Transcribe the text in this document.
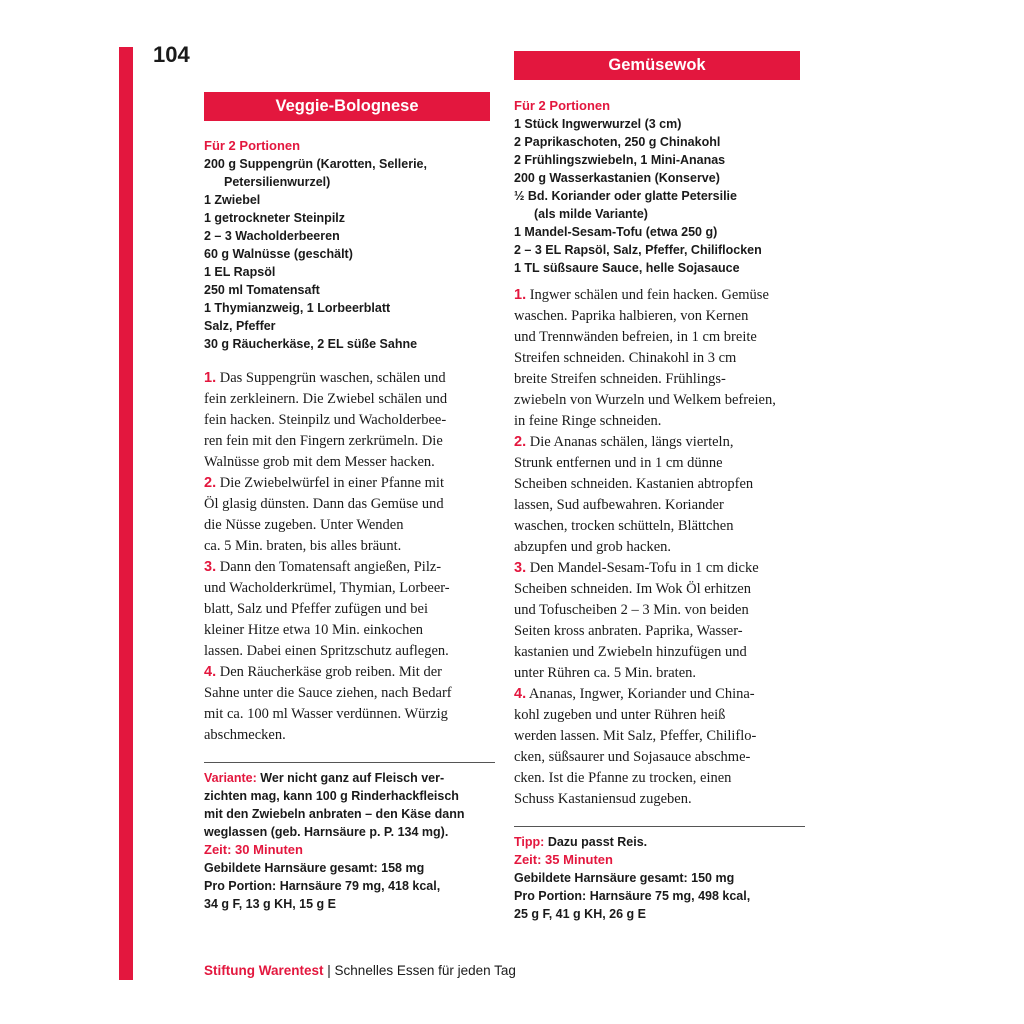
104
Veggie-Bolognese
Für 2 Portionen
200 g Suppengrün (Karotten, Sellerie,
Petersilienwurzel)
1 Zwiebel
1 getrockneter Steinpilz
2 – 3 Wacholderbeeren
60 g Walnüsse (geschält)
1 EL Rapsöl
250 ml Tomatensaft
1 Thymianzweig, 1 Lorbeerblatt
Salz, Pfeffer
30 g Räucherkäse, 2 EL süße Sahne

1. Das Suppengrün waschen, schälen und

fein zerkleinern. Die Zwiebel schälen und

fein hacken. Steinpilz und Wacholderbee-

ren fein mit den Fingern zerkrümeln. Die

Walnüsse grob mit dem Messer hacken.

2. Die Zwiebelwürfel in einer Pfanne mit

Öl glasig dünsten. Dann das Gemüse und

die Nüsse zugeben. Unter Wenden

ca. 5 Min. braten, bis alles bräunt.

3. Dann den Tomatensaft angießen, Pilz-

und Wacholderkrümel, Thymian, Lorbeer-

blatt, Salz und Pfeffer zufügen und bei

kleiner Hitze etwa 10 Min. einkochen

lassen. Dabei einen Spritzschutz auflegen.

4. Den Räucherkäse grob reiben. Mit der

Sahne unter die Sauce ziehen, nach Bedarf

mit ca. 100 ml Wasser verdünnen. Würzig

abschmecken.

Variante: Wer nicht ganz auf Fleisch ver-

zichten mag, kann 100 g Rinderhackfleisch

mit den Zwiebeln anbraten – den Käse dann

weglassen (geb. Harnsäure p. P. 134 mg).

Zeit: 30 Minuten

Gebildete Harnsäure gesamt: 158 mg

Pro Portion: Harnsäure 79 mg, 418 kcal,

34 g F, 13 g KH, 15 g E

Gemüsewok
Für 2 Portionen
1 Stück Ingwerwurzel (3 cm)
2 Paprikaschoten, 250 g Chinakohl
2 Frühlingszwiebeln, 1 Mini-Ananas
200 g Wasserkastanien (Konserve)
½ Bd. Koriander oder glatte Petersilie
(als milde Variante)
1 Mandel-Sesam-Tofu (etwa 250 g)
2 – 3 EL Rapsöl, Salz, Pfeffer, Chiliflocken
1 TL süßsaure Sauce, helle Sojasauce

1. Ingwer schälen und fein hacken. Gemüse

waschen. Paprika halbieren, von Kernen

und Trennwänden befreien, in 1 cm breite

Streifen schneiden. Chinakohl in 3 cm

breite Streifen schneiden. Frühlings-

zwiebeln von Wurzeln und Welkem befreien,

in feine Ringe schneiden.

2. Die Ananas schälen, längs vierteln,

Strunk entfernen und in 1 cm dünne

Scheiben schneiden. Kastanien abtropfen

lassen, Sud aufbewahren. Koriander

waschen, trocken schütteln, Blättchen

abzupfen und grob hacken.

3. Den Mandel-Sesam-Tofu in 1 cm dicke

Scheiben schneiden. Im Wok Öl erhitzen

und Tofuscheiben 2 – 3 Min. von beiden

Seiten kross anbraten. Paprika, Wasser-

kastanien und Zwiebeln hinzufügen und

unter Rühren ca. 5 Min. braten.

4. Ananas, Ingwer, Koriander und China-

kohl zugeben und unter Rühren heiß

werden lassen. Mit Salz, Pfeffer, Chiliflo-

cken, süßsaurer und Sojasauce abschme-

cken. Ist die Pfanne zu trocken, einen

Schuss Kastaniensud zugeben.

Tipp: Dazu passt Reis.

Zeit: 35 Minuten

Gebildete Harnsäure gesamt: 150 mg

Pro Portion: Harnsäure 75 mg, 498 kcal,

25 g F, 41 g KH, 26 g E

Stiftung Warentest | Schnelles Essen für jeden Tag
